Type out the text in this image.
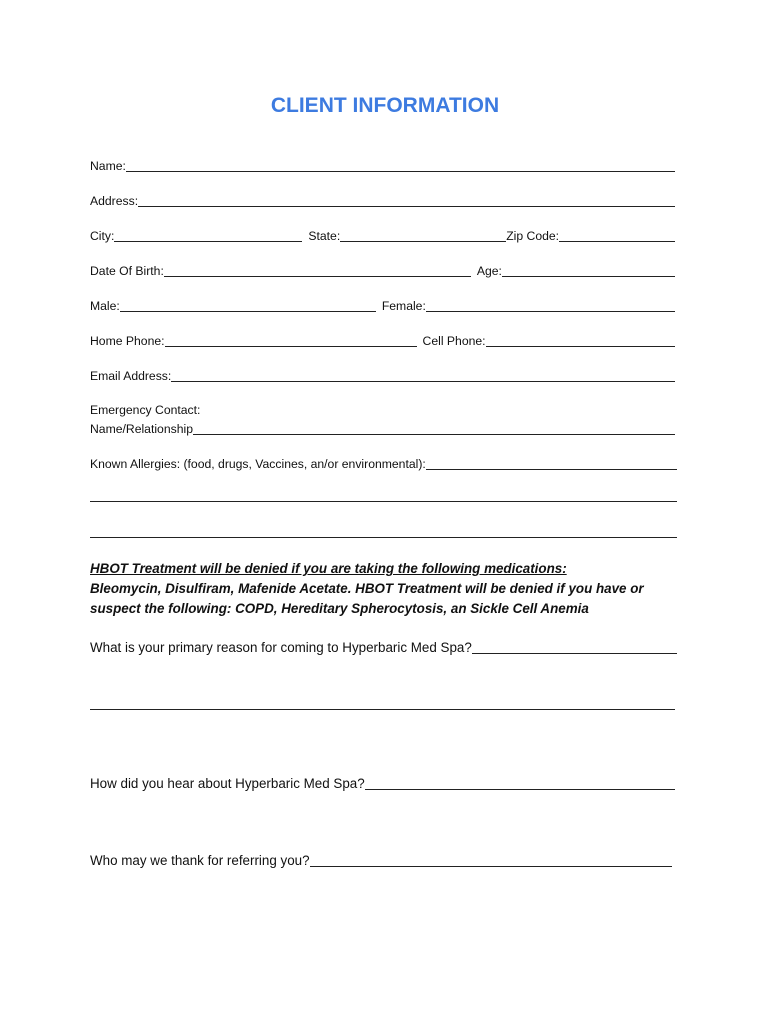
CLIENT INFORMATION
Name:
Address:
City:	State:	Zip Code:
Date Of Birth:	Age:
Male:	Female:
Home Phone:	Cell Phone:
Email Address:
Emergency Contact:
Name/Relationship
Known Allergies: (food, drugs, Vaccines, an/or environmental):
HBOT Treatment will be denied if you are taking the following medications:
Bleomycin, Disulfiram, Mafenide Acetate. HBOT Treatment will be denied if you have or suspect the following: COPD, Hereditary Spherocytosis, an Sickle Cell Anemia
What is your primary reason for coming to Hyperbaric Med Spa?
How did you hear about Hyperbaric Med Spa?
Who may we thank for referring you?
